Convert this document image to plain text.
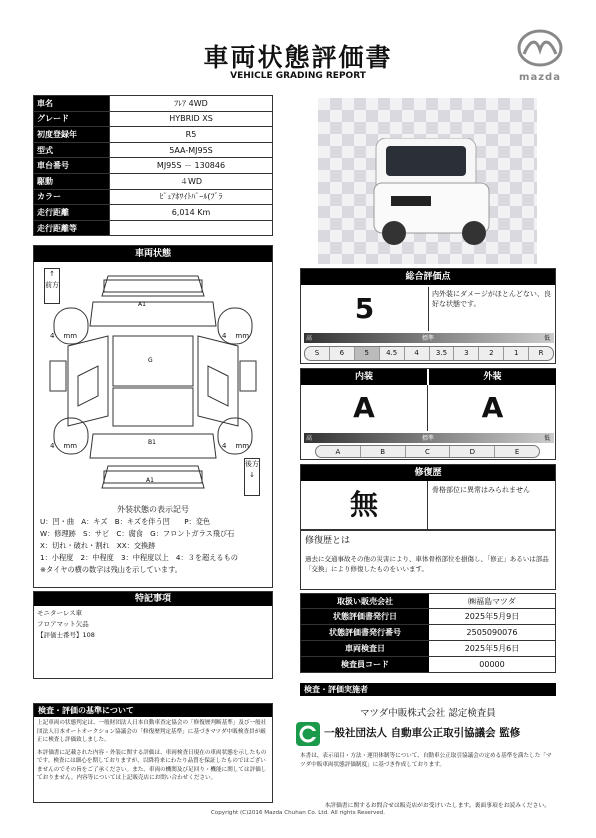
車両状態評価書
VEHICLE GRADING REPORT	mazda
車名	ﾌﾚｱ 4WD
グレード	HYBRID XS
初度登録年	R5
型式	5AA-MJ95S
車台番号	MJ95S － 130846
駆動	４WD
カラー	ﾋﾟｭｱﾎﾜｲﾄﾊﾟｰﾙ(ﾌﾞﾗ
走行距離	6,014 Km
走行距離等	
車両状態
↑
前方
後方
↓
A1
G
B1
A1
4 mm	4 mm
4 mm	4 mm
外装状態の表示記号
U：凹・曲　A：キズ　B：キズを伴う凹　　P：変色
W：修理跡　S：サビ　C：腐食　G：フロントガラス飛び石
X：切れ・破れ・割れ　XX：交換跡
1：小程度　2：中程度　3：中程度以上　4：３を超えるもの
※タイヤの横の数字は残山を示しています。
特記事項
モニターレス車
フロアマット欠品
【評価士番号】108
検査・評価の基準について
上記車両の状態判定は、一般財団法人日本自動車査定協会の「修復歴判断基準」及び一般社団法人日本オートオークション協議会の「修復歴判定基準」に基づきマツダ中販検査員が厳正に検査し評価致しました。
本評価書に記載された内容・外装に関する評価は、車両検査日現在の車両状態を示したものです。検査には細心を期しておりますが、以降将来にわたり品質を保証したものではございませんのでその旨をご了承ください。また、車両の機関及び足回り・機能に関しては評価しておりません。内容等については上記販売店にお問い合わせください。
総合評価点
5	内外装にダメージがほとんどない、良好な状態です。
高	標準	低
S	6	5	4.5	4	3.5	3	2	1	R
内装	外装
A	A
高	標準	低
A	B	C	D	E
修復歴
無	骨格部位に異常はみられません
修復歴とは
過去に交通事故その他の災害により、車体骨格部位を損傷し、「修正」あるいは部品「交換」により修復したものをいいます。
取扱い販売会社	㈱福島マツダ
状態評価書発行日	2025年5月9日
状態評価書発行番号	2505090076
車両検査日	2025年5月6日
検査員コード	00000
検査・評価実施者
マツダ中販株式会社 認定検査員
一般社団法人 自動車公正取引協議会 監修
本書は、表示項目・方法・運用体制等について、自動車公正取引協議会の定める基準を満たした「マツダ中販車両状態評価制度」に基づき作成しております。
本評価書に関するお問合せは販売店がお受けいたします。裏面事項をお読みください。
Copyright (C)2016 Mazda Chuhan Co. Ltd. All rights Reserved.
